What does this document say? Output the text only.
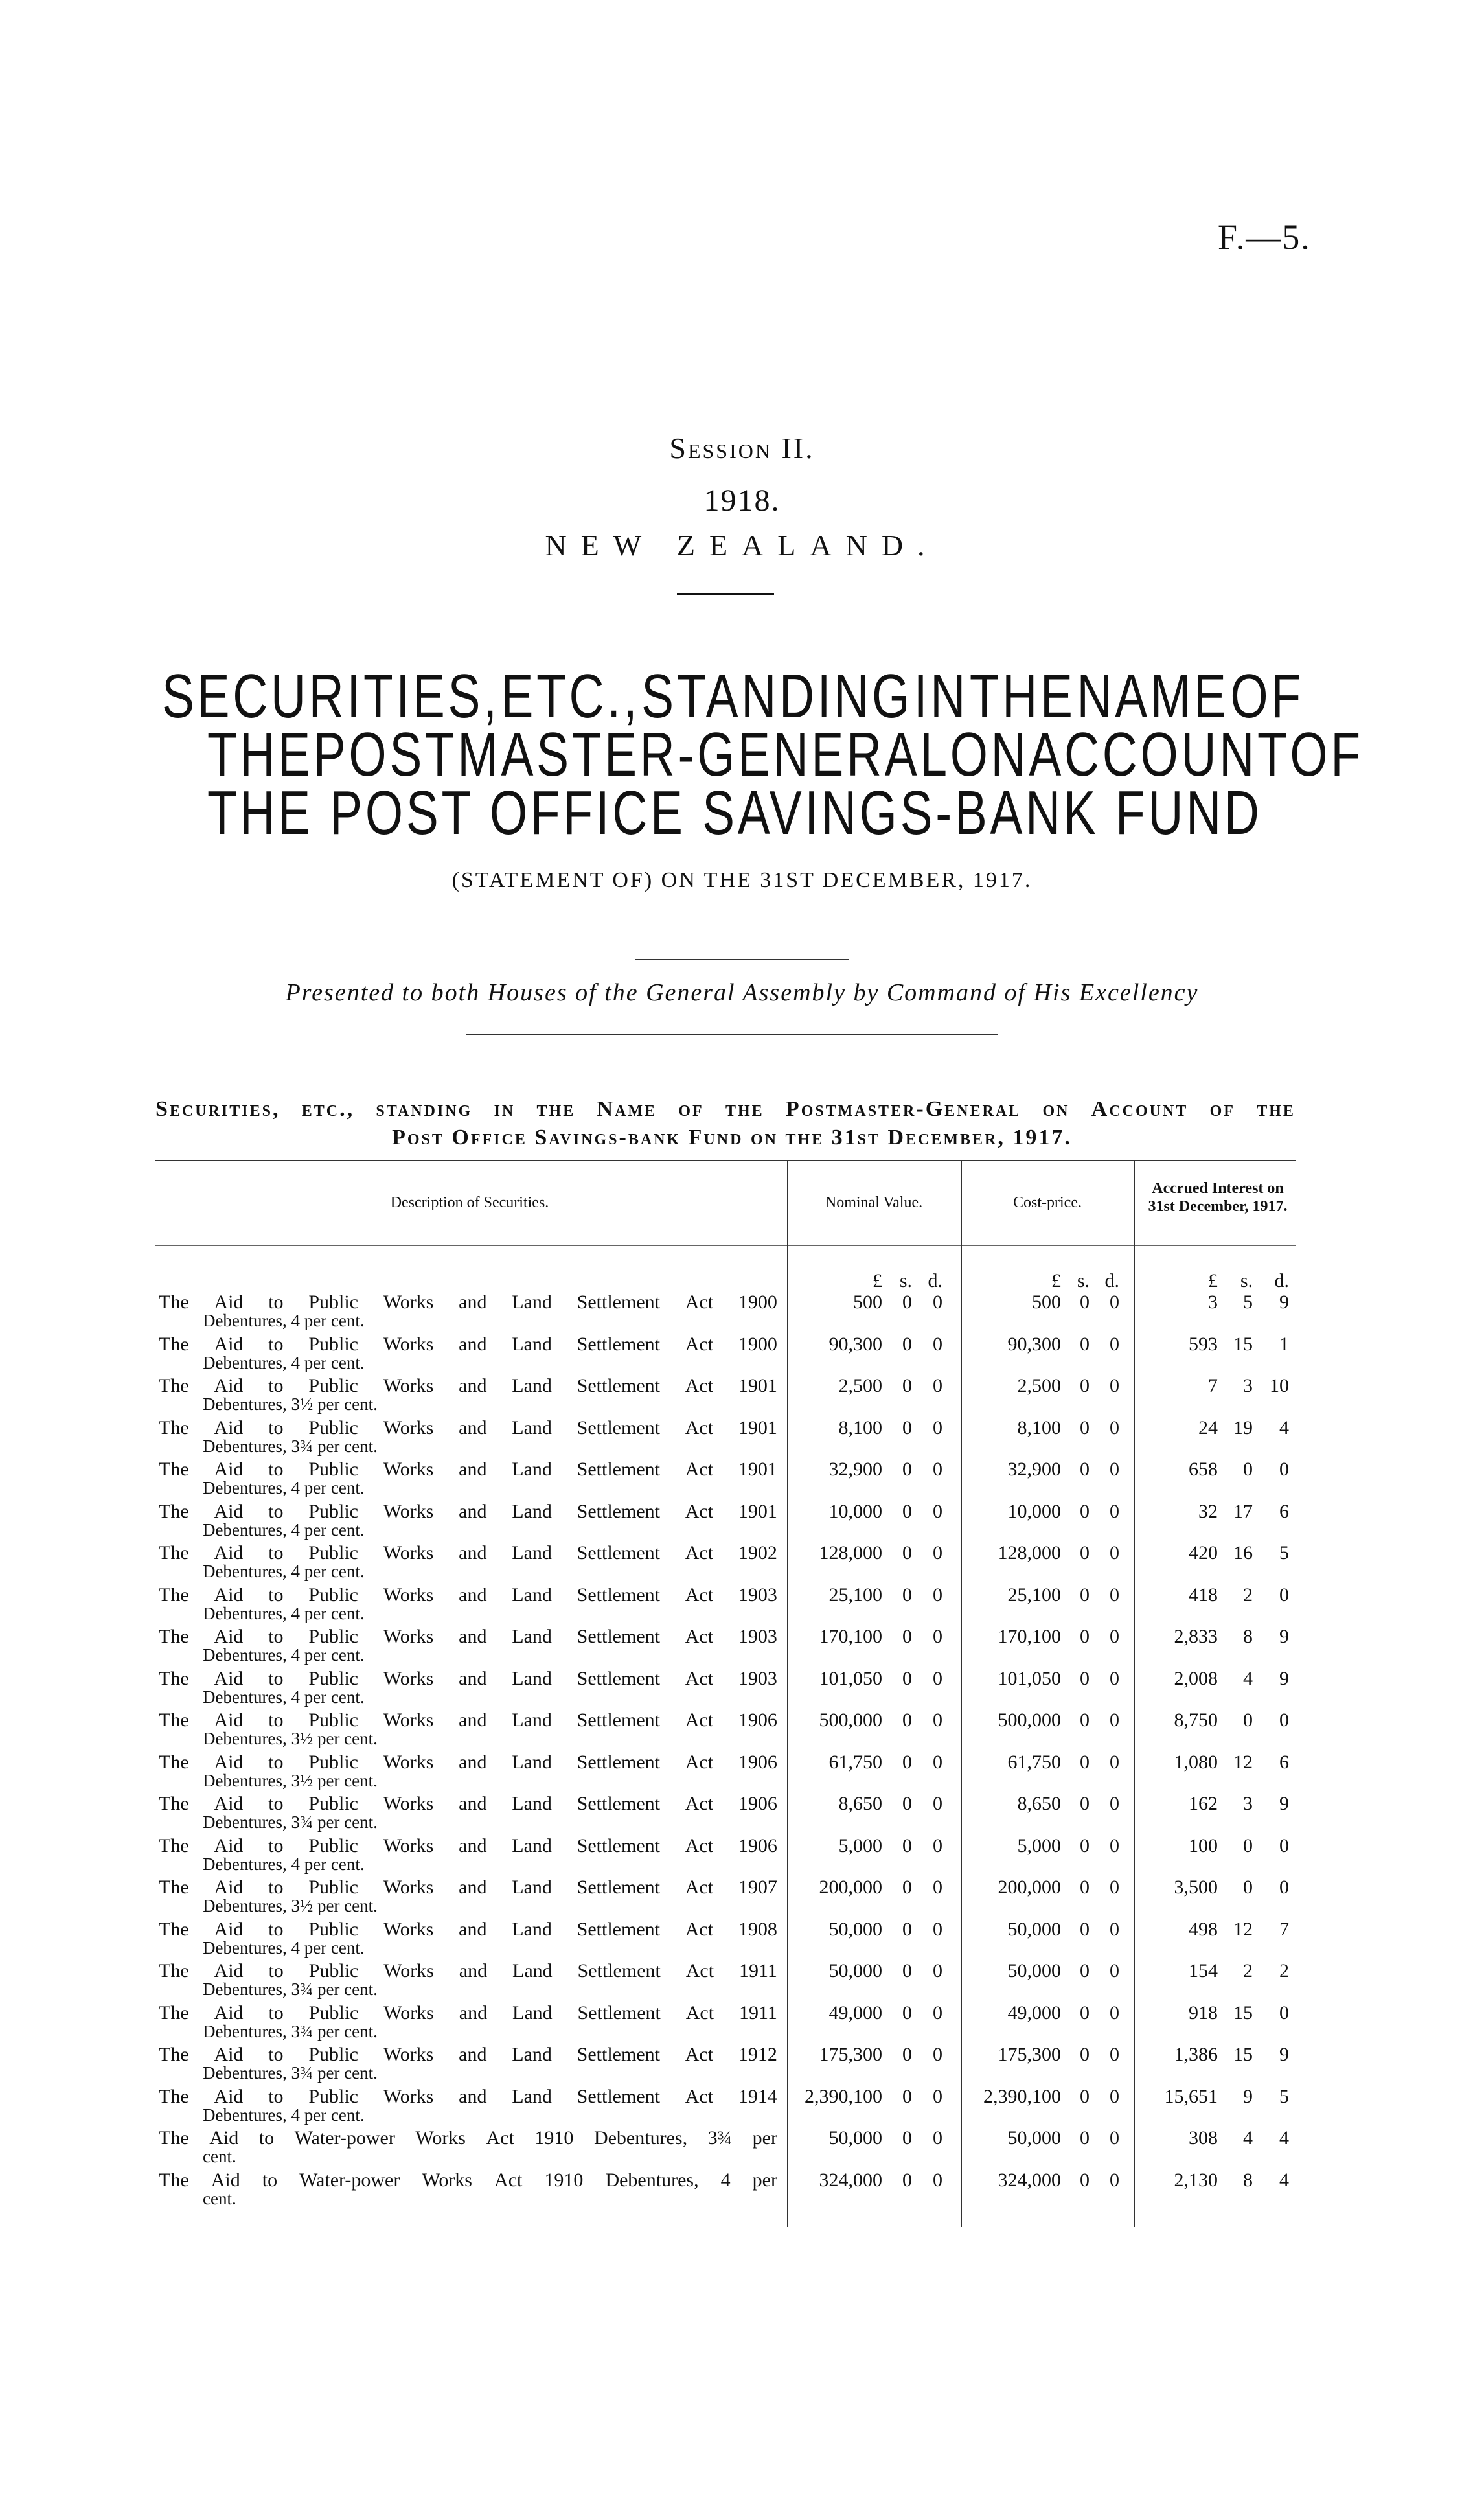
F.—5.
Session II.
1918.
NEW ZEALAND.
SECURITIES, ETC., STANDING IN THE NAME OF
THE POSTMASTER-GENERAL ON ACCOUNT OF
THE POST OFFICE SAVINGS-BANK FUND
(STATEMENT OF) ON THE 31ST DECEMBER, 1917.
Presented to both Houses of the General Assembly by Command of His Excellency
Securities, etc., standing in the Name of the Postmaster-General on Account of the
Post Office Savings-bank Fund on the 31st December, 1917.
Description of Securities.	Nominal Value.	Cost-price.
Accrued Interest on 31st December, 1917.
£ s. d.	£ s. d.	£	s.	d.
The Aid to Public Works and Land Settlement Act 1900
Debentures, 4 per cent.
500	0	0	500 0	0	3	5	9
The Aid to Public Works and Land Settlement Act 1900
Debentures, 4 per cent.
90,300	0	0	90,300 0	0	593 15	1
The Aid to Public Works and Land Settlement Act 1901
Debentures, 3½ per cent.
2,500	0	0	2,500 0	0	7	3 10
The Aid to Public Works and Land Settlement Act 1901
Debentures, 3¾ per cent.
8,100	0	0	8,100 0	0	24 19	4
The Aid to Public Works and Land Settlement Act 1901
Debentures, 4 per cent.
32,900	0	0	32,900 0	0	658	0	0
The Aid to Public Works and Land Settlement Act 1901
Debentures, 4 per cent.
10,000	0	0	10,000 0	0	32 17	6
The Aid to Public Works and Land Settlement Act 1902
Debentures, 4 per cent.
128,000	0	0	128,000 0	0	420 16	5
The Aid to Public Works and Land Settlement Act 1903
Debentures, 4 per cent.
25,100	0	0	25,100 0	0	418	2	0
The Aid to Public Works and Land Settlement Act 1903
Debentures, 4 per cent.
170,100	0	0	170,100 0	0	2,833	8	9
The Aid to Public Works and Land Settlement Act 1903
Debentures, 4 per cent.
101,050	0	0	101,050 0	0	2,008	4	9
The Aid to Public Works and Land Settlement Act 1906
Debentures, 3½ per cent.
500,000	0	0	500,000 0	0	8,750	0	0
The Aid to Public Works and Land Settlement Act 1906
Debentures, 3½ per cent.
61,750	0	0	61,750 0	0	1,080 12	6
The Aid to Public Works and Land Settlement Act 1906
Debentures, 3¾ per cent.
8,650	0	0	8,650 0	0	162	3	9
The Aid to Public Works and Land Settlement Act 1906
Debentures, 4 per cent.
5,000	0	0	5,000 0	0	100	0	0
The Aid to Public Works and Land Settlement Act 1907
Debentures, 3½ per cent.
200,000	0	0	200,000 0	0	3,500	0	0
The Aid to Public Works and Land Settlement Act 1908
Debentures, 4 per cent.
50,000	0	0	50,000 0	0	498 12	7
The Aid to Public Works and Land Settlement Act 1911
Debentures, 3¾ per cent.
50,000	0	0	50,000 0	0	154	2	2
The Aid to Public Works and Land Settlement Act 1911
Debentures, 3¾ per cent.
49,000	0	0	49,000 0	0	918 15	0
The Aid to Public Works and Land Settlement Act 1912
Debentures, 3¾ per cent.
175,300	0	0	175,300 0	0	1,386 15	9
The Aid to Public Works and Land Settlement Act 1914
Debentures, 4 per cent.
2,390,100	0	0	2,390,100 0	0	15,651	9	5
The Aid to Water-power Works Act 1910 Debentures, 3¾ per
cent.
50,000	0	0	50,000 0	0	308	4	4
The Aid to Water-power Works Act 1910 Debentures, 4 per
cent.
324,000	0	0	324,000 0	0	2,130	8	4
